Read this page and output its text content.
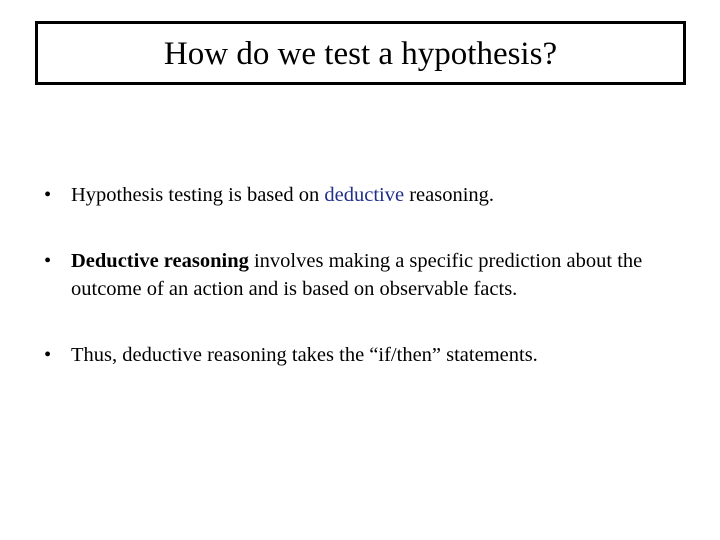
How do we test a hypothesis?
• Hypothesis testing is based on deductive reasoning.
• Deductive reasoning involves making a specific prediction about the outcome of an action and is based on observable facts.
• Thus, deductive reasoning takes the “if/then” statements.
